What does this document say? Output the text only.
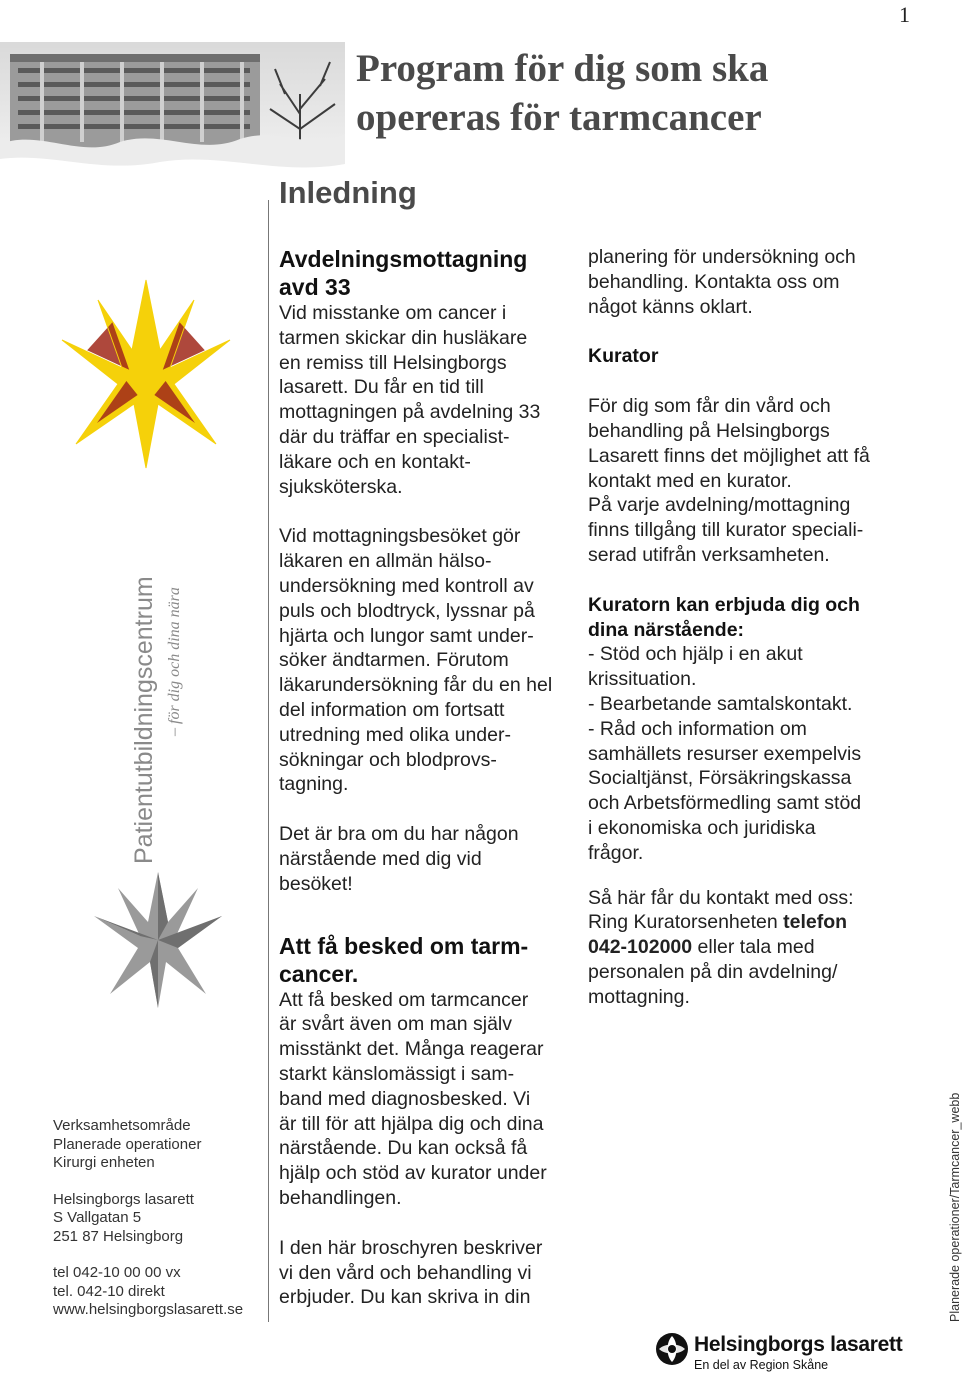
1
Program för dig som ska
opereras för tarmcancer
Inledning
Patientutbildningscentrum – för dig och dina nära
Verksamhetsområde
Planerade operationer
Kirurgi enheten
Helsingborgs lasarett
S Vallgatan 5
251 87 Helsingborg
tel 042-10 00 00 vx
tel. 042-10 direkt
www.helsingborgslasarett.se
Avdelningsmottagning
avd 33

Vid misstanke om cancer i
tarmen skickar din husläkare
en remiss till Helsingborgs
lasarett. Du får en tid till
mottagningen på avdelning 33
där du träffar en specialist-
läkare och en kontakt-
sjuksköterska.

Vid mottagningsbesöket gör
läkaren en allmän hälso-
undersökning med kontroll av
puls och blodtryck, lyssnar på
hjärta och lungor samt under-
söker ändtarmen. Förutom
läkarundersökning får du en hel
del information om fortsatt
utredning med olika under-
sökningar och blodprovs-
tagning.

Det är bra om du har någon
närstående med dig vid
besöket!

Att få besked om tarm-
cancer.

Att få besked om tarmcancer
är svårt även om man själv
misstänkt det. Många reagerar
starkt känslomässigt i sam-
band med diagnosbesked. Vi
är till för att hjälpa dig och dina
närstående. Du kan också få
hjälp och stöd av kurator under
behandlingen.

I den här broschyren beskriver
vi den vård och behandling vi
erbjuder. Du kan skriva in din

planering för undersökning och
behandling. Kontakta oss om
något känns oklart.

Kurator

För dig som får din vård och
behandling på Helsingborgs
Lasarett finns det möjlighet att få
kontakt med en kurator.
På varje avdelning/mottagning
finns tillgång till kurator speciali-
serad utifrån verksamheten.

Kuratorn kan erbjuda dig och
dina närstående:
- Stöd och hjälp i en akut
krissituation.
- Bearbetande samtalskontakt.
- Råd och information om
samhällets resurser exempelvis
Socialtjänst, Försäkringskassa
och Arbetsförmedling samt stöd
i ekonomiska och juridiska
frågor.

Så här får du kontakt med oss:
Ring Kuratorsenheten telefon
042-102000 eller tala med
personalen på din avdelning/
mottagning.

Planerade operationer/Tarmcancer_webb
Helsingborgs lasarett
En del av Region Skåne
